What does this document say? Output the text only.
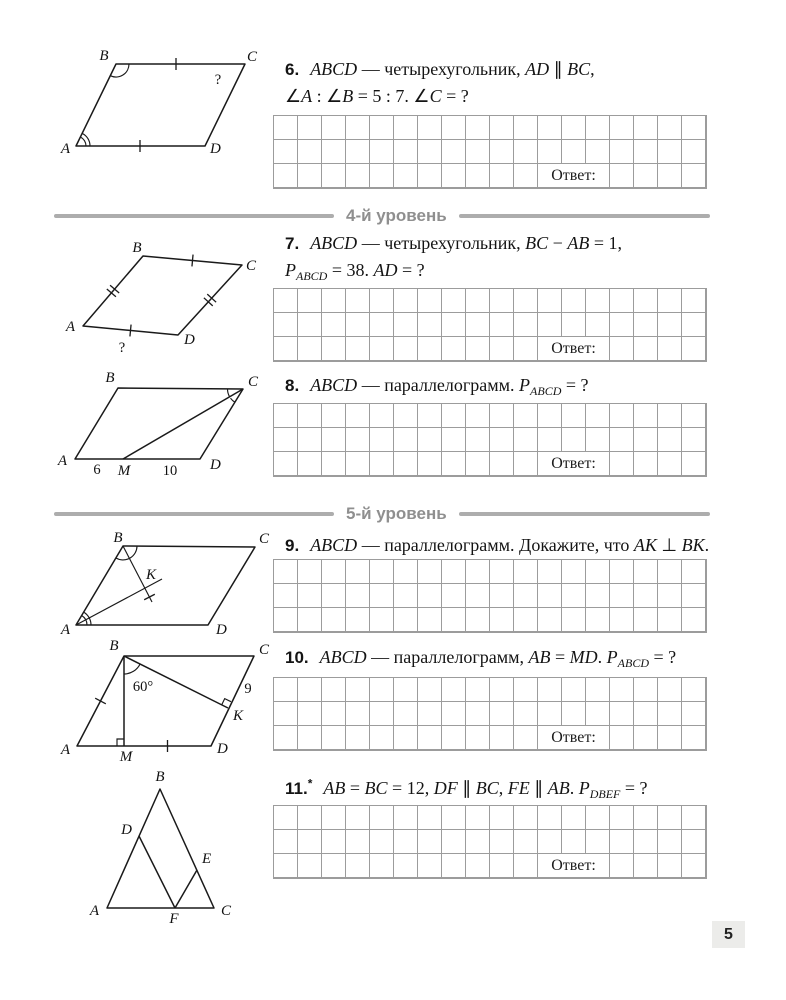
B	C
A	D
?
6. ABCD — четырехугольник, AD ∥ BC,
∠A : ∠B = 5 : 7. ∠C = ?
Ответ:
4-й уровень
B
C
A
D
?
7. ABCD — четырехугольник, BC − AB = 1,
$P_{ABCD} = 38$. AD = ?
Ответ:
B	C
A	D
M
6	10
8. ABCD — параллелограмм. $P_{ABCD}$ = ?
Ответ:
5-й уровень
B	C
A	D
K
9. ABCD — параллелограмм. Докажите, что AK ⊥ BK.
B	C
A	D
M
K
60°	9
10. ABCD — параллелограмм, AB = MD. $P_{ABCD}$ = ?
Ответ:
B
A	C
D
E
F
11.* AB = BC = 12, DF ∥ BC, FE ∥ AB. $P_{DBEF}$ = ?
Ответ:
5
